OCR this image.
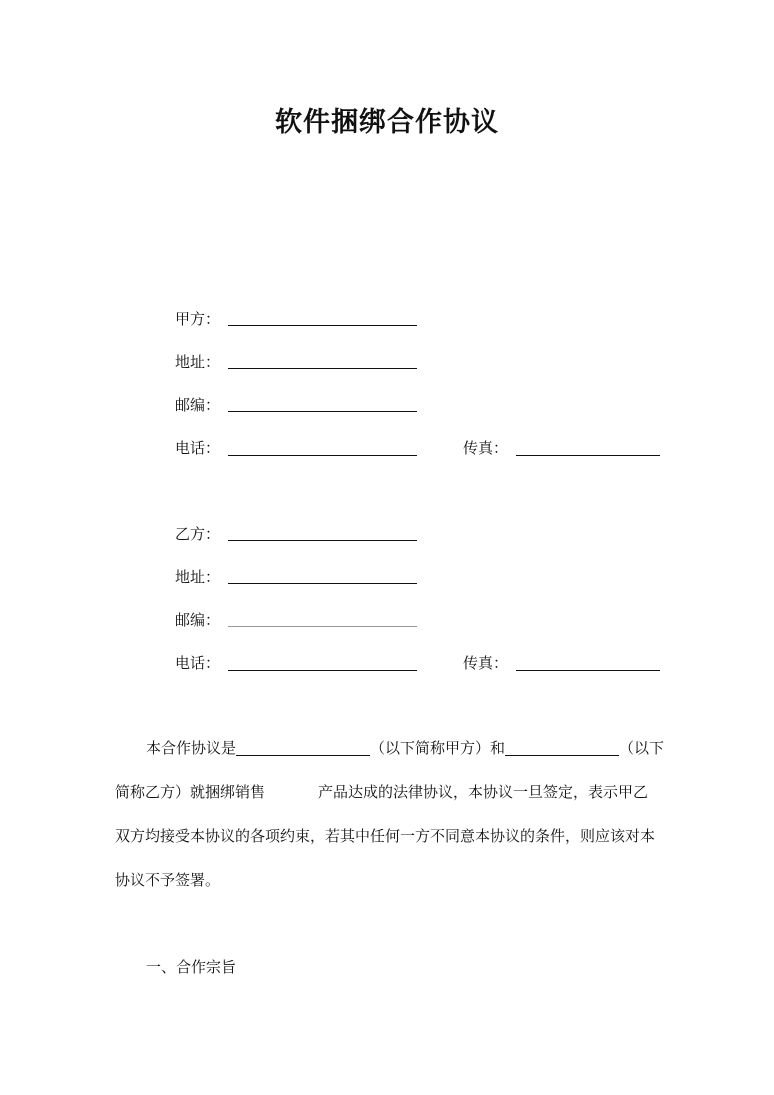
软件捆绑合作协议
甲方：
地址：
邮编：
电话：	传真：
乙方：
地址：
邮编：
电话：	传真：
本合作协议是	（以下简称甲方）和	（以下
简称乙方）就捆绑销售	产品达成的法律协议，本协议一旦签定，表示甲乙
双方均接受本协议的各项约束，若其中任何一方不同意本协议的条件，则应该对本
协议不予签署。
一、合作宗旨
